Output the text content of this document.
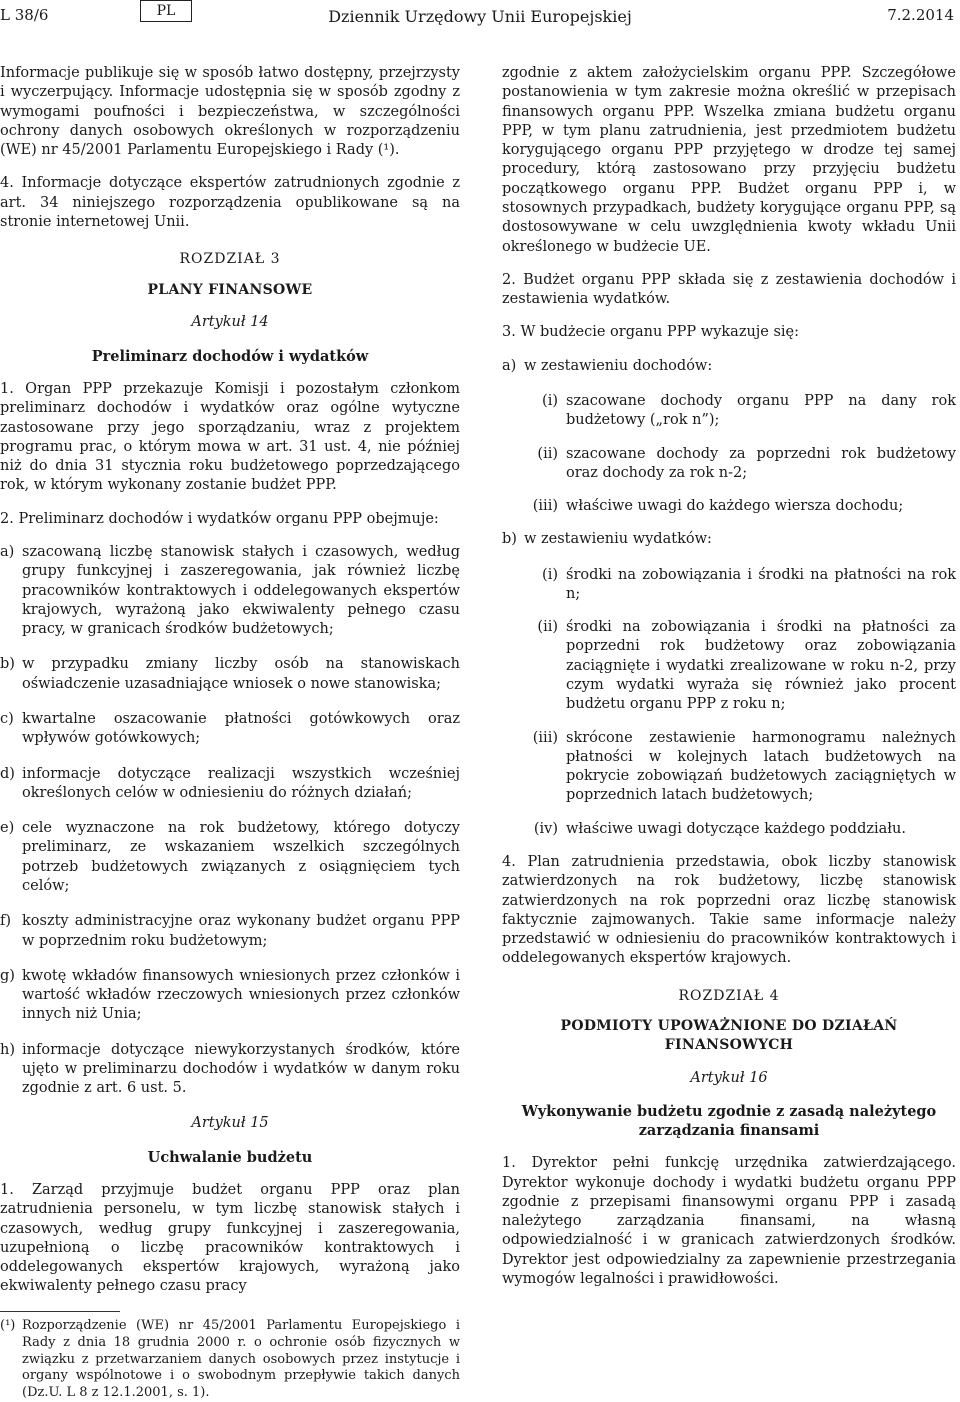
L 38/6	PL	Dziennik Urzędowy Unii Europejskiej	7.2.2014

Informacje publikuje się w sposób łatwo dostępny, przejrzysty i wyczerpujący. Informacje udostępnia się w sposób zgodny z wymogami poufności i bezpieczeństwa, w szczególności ochrony danych osobowych określonych w rozporządzeniu (WE) nr 45/2001 Parlamentu Europejskiego i Rady (¹).

4. Informacje dotyczące ekspertów zatrudnionych zgodnie z art. 34 niniejszego rozporządzenia opublikowane są na stronie internetowej Unii.

ROZDZIAŁ 3
PLANY FINANSOWE
Artykuł 14
Preliminarz dochodów i wydatków

1. Organ PPP przekazuje Komisji i pozostałym członkom preliminarz dochodów i wydatków oraz ogólne wytyczne zastosowane przy jego sporządzaniu, wraz z projektem programu prac, o którym mowa w art. 31 ust. 4, nie później niż do dnia 31 stycznia roku budżetowego poprzedzającego rok, w którym wykonany zostanie budżet PPP.

2. Preliminarz dochodów i wydatków organu PPP obejmuje:

a) szacowaną liczbę stanowisk stałych i czasowych, według grupy funkcyjnej i zaszeregowania, jak również liczbę pracowników kontraktowych i oddelegowanych ekspertów krajowych, wyrażoną jako ekwiwalenty pełnego czasu pracy, w granicach środków budżetowych;
b) w przypadku zmiany liczby osób na stanowiskach oświadczenie uzasadniające wniosek o nowe stanowiska;
c) kwartalne oszacowanie płatności gotówkowych oraz wpływów gotówkowych;
d) informacje dotyczące realizacji wszystkich wcześniej określonych celów w odniesieniu do różnych działań;
e) cele wyznaczone na rok budżetowy, którego dotyczy preliminarz, ze wskazaniem wszelkich szczególnych potrzeb budżetowych związanych z osiągnięciem tych celów;
f) koszty administracyjne oraz wykonany budżet organu PPP w poprzednim roku budżetowym;
g) kwotę wkładów finansowych wniesionych przez członków i wartość wkładów rzeczowych wniesionych przez członków innych niż Unia;
h) informacje dotyczące niewykorzystanych środków, które ujęto w preliminarzu dochodów i wydatków w danym roku zgodnie z art. 6 ust. 5.
Artykuł 15
Uchwalanie budżetu

1. Zarząd przyjmuje budżet organu PPP oraz plan zatrudnienia personelu, w tym liczbę stanowisk stałych i czasowych, według grupy funkcyjnej i zaszeregowania, uzupełnioną o liczbę pracowników kontraktowych i oddelegowanych ekspertów krajowych, wyrażoną jako ekwiwalenty pełnego czasu pracy

(¹) Rozporządzenie (WE) nr 45/2001 Parlamentu Europejskiego i Rady z dnia 18 grudnia 2000 r. o ochronie osób fizycznych w związku z przetwarzaniem danych osobowych przez instytucje i organy wspólnotowe i o swobodnym przepływie takich danych (Dz.U. L 8 z 12.1.2001, s. 1).

zgodnie z aktem założycielskim organu PPP. Szczegółowe postanowienia w tym zakresie można określić w przepisach finansowych organu PPP. Wszelka zmiana budżetu organu PPP, w tym planu zatrudnienia, jest przedmiotem budżetu korygującego organu PPP przyjętego w drodze tej samej procedury, którą zastosowano przy przyjęciu budżetu początkowego organu PPP. Budżet organu PPP i, w stosownych przypadkach, budżety korygujące organu PPP, są dostosowywane w celu uwzględnienia kwoty wkładu Unii określonego w budżecie UE.

2. Budżet organu PPP składa się z zestawienia dochodów i zestawienia wydatków.

3. W budżecie organu PPP wykazuje się:

a) w zestawieniu dochodów:
(i) szacowane dochody organu PPP na dany rok budżetowy („rok n”);
(ii) szacowane dochody za poprzedni rok budżetowy oraz dochody za rok n-2;
(iii) właściwe uwagi do każdego wiersza dochodu;
b) w zestawieniu wydatków:
(i) środki na zobowiązania i środki na płatności na rok n;
(ii) środki na zobowiązania i środki na płatności za poprzedni rok budżetowy oraz zobowiązania zaciągnięte i wydatki zrealizowane w roku n-2, przy czym wydatki wyraża się również jako procent budżetu organu PPP z roku n;
(iii) skrócone zestawienie harmonogramu należnych płatności w kolejnych latach budżetowych na pokrycie zobowiązań budżetowych zaciągniętych w poprzednich latach budżetowych;
(iv) właściwe uwagi dotyczące każdego poddziału.

4. Plan zatrudnienia przedstawia, obok liczby stanowisk zatwierdzonych na rok budżetowy, liczbę stanowisk zatwierdzonych na rok poprzedni oraz liczbę stanowisk faktycznie zajmowanych. Takie same informacje należy przedstawić w odniesieniu do pracowników kontraktowych i oddelegowanych ekspertów krajowych.

ROZDZIAŁ 4
PODMIOTY UPOWAŻNIONE DO DZIAŁAŃ FINANSOWYCH
Artykuł 16
Wykonywanie budżetu zgodnie z zasadą należytego zarządzania finansami

1. Dyrektor pełni funkcję urzędnika zatwierdzającego. Dyrektor wykonuje dochody i wydatki budżetu organu PPP zgodnie z przepisami finansowymi organu PPP i zasadą należytego zarządzania finansami, na własną odpowiedzialność i w granicach zatwierdzonych środków. Dyrektor jest odpowiedzialny za zapewnienie przestrzegania wymogów legalności i prawidłowości.
